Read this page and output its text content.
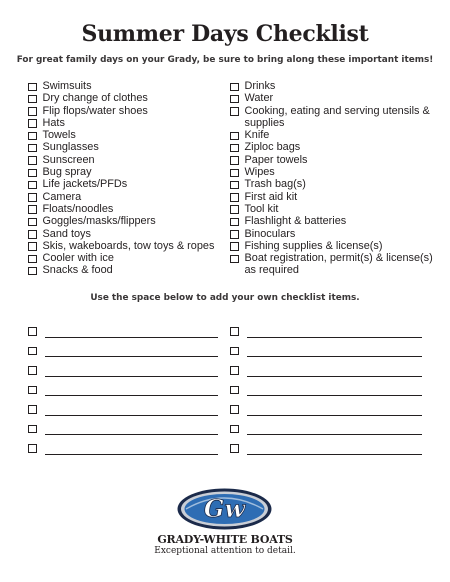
Summer Days Checklist
For great family days on your Grady, be sure to bring along these important items!
Swimsuits
Dry change of clothes
Flip flops/water shoes
Hats
Towels
Sunglasses
Sunscreen
Bug spray
Life jackets/PFDs
Camera
Floats/noodles
Goggles/masks/flippers
Sand toys
Skis, wakeboards, tow toys & ropes
Cooler with ice
Snacks & food
Drinks
Water
Cooking, eating and serving utensils & supplies
Knife
Ziploc bags
Paper towels
Wipes
Trash bag(s)
First aid kit
Tool kit
Flashlight & batteries
Binoculars
Fishing supplies & license(s)
Boat registration, permit(s) & license(s) as required
Use the space below to add your own checklist items.
Gw
GRADY-WHITE BOATS
Exceptional attention to detail.
